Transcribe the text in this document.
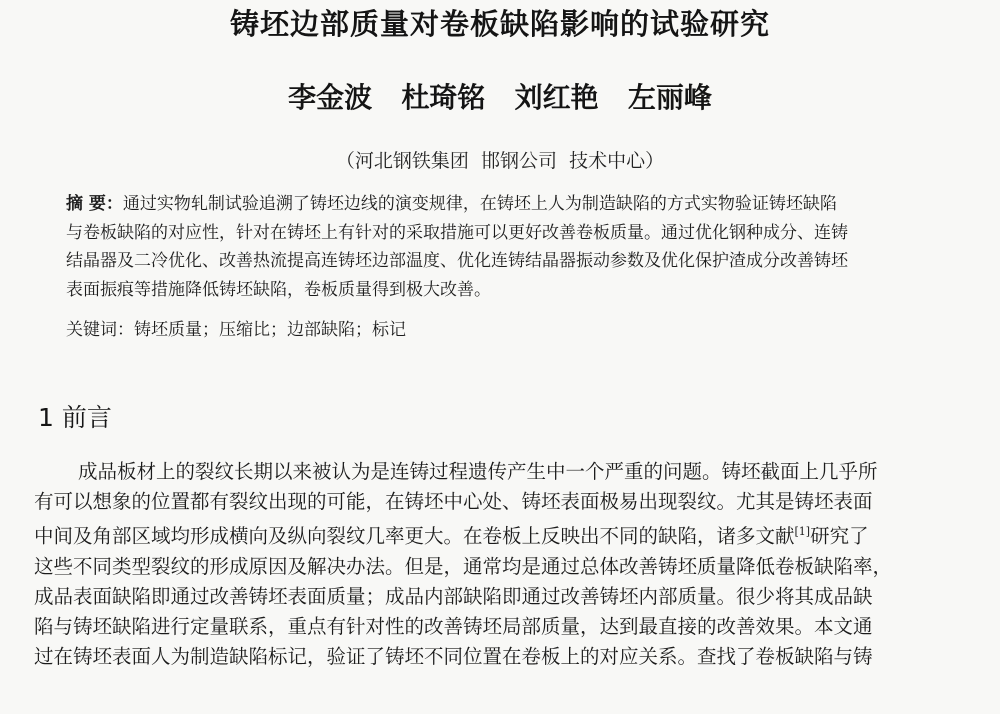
铸坯边部质量对卷板缺陷影响的试验研究
李金波   杜琦铭   刘红艳   左丽峰
（河北钢铁集团  邯钢公司  技术中心）
摘 要：通过实物轧制试验追溯了铸坯边线的演变规律，在铸坯上人为制造缺陷的方式实物验证铸坯缺陷
与卷板缺陷的对应性，针对在铸坯上有针对的采取措施可以更好改善卷板质量。通过优化钢种成分、连铸
结晶器及二冷优化、改善热流提高连铸坯边部温度、优化连铸结晶器振动参数及优化保护渣成分改善铸坯
表面振痕等措施降低铸坯缺陷，卷板质量得到极大改善。
关键词：铸坯质量；压缩比；边部缺陷；标记
1 前言
成品板材上的裂纹长期以来被认为是连铸过程遗传产生中一个严重的问题。铸坯截面上几乎所
有可以想象的位置都有裂纹出现的可能，在铸坯中心处、铸坯表面极易出现裂纹。尤其是铸坯表面
中间及角部区域均形成横向及纵向裂纹几率更大。在卷板上反映出不同的缺陷，诸多文献[1]研究了
这些不同类型裂纹的形成原因及解决办法。但是，通常均是通过总体改善铸坯质量降低卷板缺陷率，
成品表面缺陷即通过改善铸坯表面质量；成品内部缺陷即通过改善铸坯内部质量。很少将其成品缺
陷与铸坯缺陷进行定量联系，重点有针对性的改善铸坯局部质量，达到最直接的改善效果。本文通
过在铸坯表面人为制造缺陷标记，验证了铸坯不同位置在卷板上的对应关系。查找了卷板缺陷与铸
